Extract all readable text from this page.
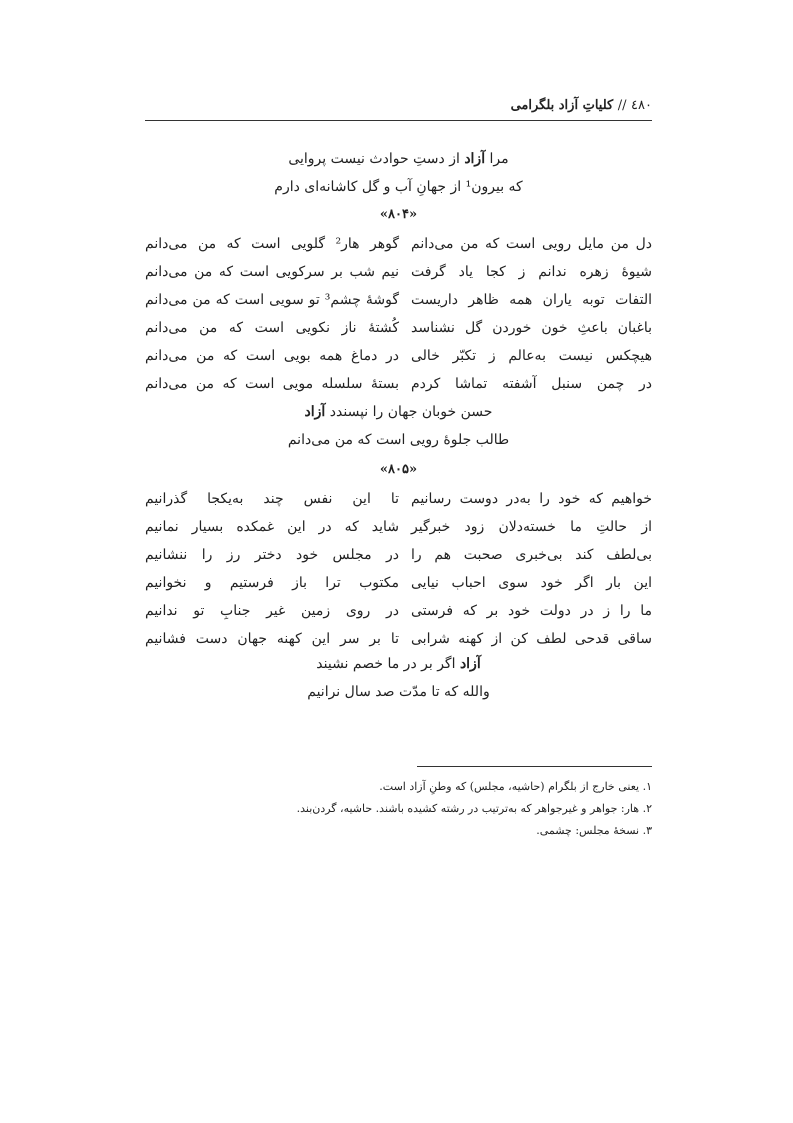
٤٨٠ // کلیاتِ آزاد بلگرامی
مرا آزاد از دستِ حوادث نیست پروایی
که بیرون¹ از جهانِ آب و گل کاشانه‌ای دارم
«۸۰۴»
دل من مایل رویی است که من می‌دانم
گوهر هار² گلویی است که من می‌دانم
شیوهٔ زهره ندانم ز کجا یاد گرفت
نیم شب بر سرکویی است که من می‌دانم
التفات توبه یاران همه ظاهر داریست
گوشهٔ چشم³ تو سویی است که من می‌دانم
باغبان باعثِ خون خوردن گل نشناسد
کُشتهٔ ناز نکویی است که من می‌دانم
هیچکس نیست به‌عالم ز تکبّر خالی
در دماغ همه بویی است که من می‌دانم
در چمن سنبل آشفته تماشا کردم
بستهٔ سلسله مویی است که من می‌دانم
حسن خوبان جهان را نپسندد آزاد
طالب جلوهٔ رویی است که من می‌دانم
«۸۰۵»
خواهیم که خود را به‌در دوست رسانیم
تا این نفس چند به‌یکجا گذرانیم
از حالتِ ما خسته‌دلان زود خبرگیر
شاید که در این غمکده بسیار نمانیم
بی‌لطف کند بی‌خبری صحبت هم را
در مجلس خود دختر رز را ننشانیم
این بار اگر خود سوی احباب نیایی
مکتوب ترا باز فرستیم و نخوانیم
ما را ز در دولت خود بر که فرستی
در روی زمین غیر جنابِ تو ندانیم
ساقی قدحی لطف کن از کهنه شرابی
تا بر سر این کهنه جهان دست فشانیم
آزاد اگر بر در ما خصم نشیند
والله که تا مدّت صد سال نرانیم
۱. یعنی خارج از بلگرام (حاشیه، مجلس) که وطنِ آزاد است.
۲. هار: جواهر و غیرجواهر که به‌ترتیب در رشته کشیده باشند. حاشیه، گردن‌بند.
۳. نسخهٔ مجلس: چشمی.
